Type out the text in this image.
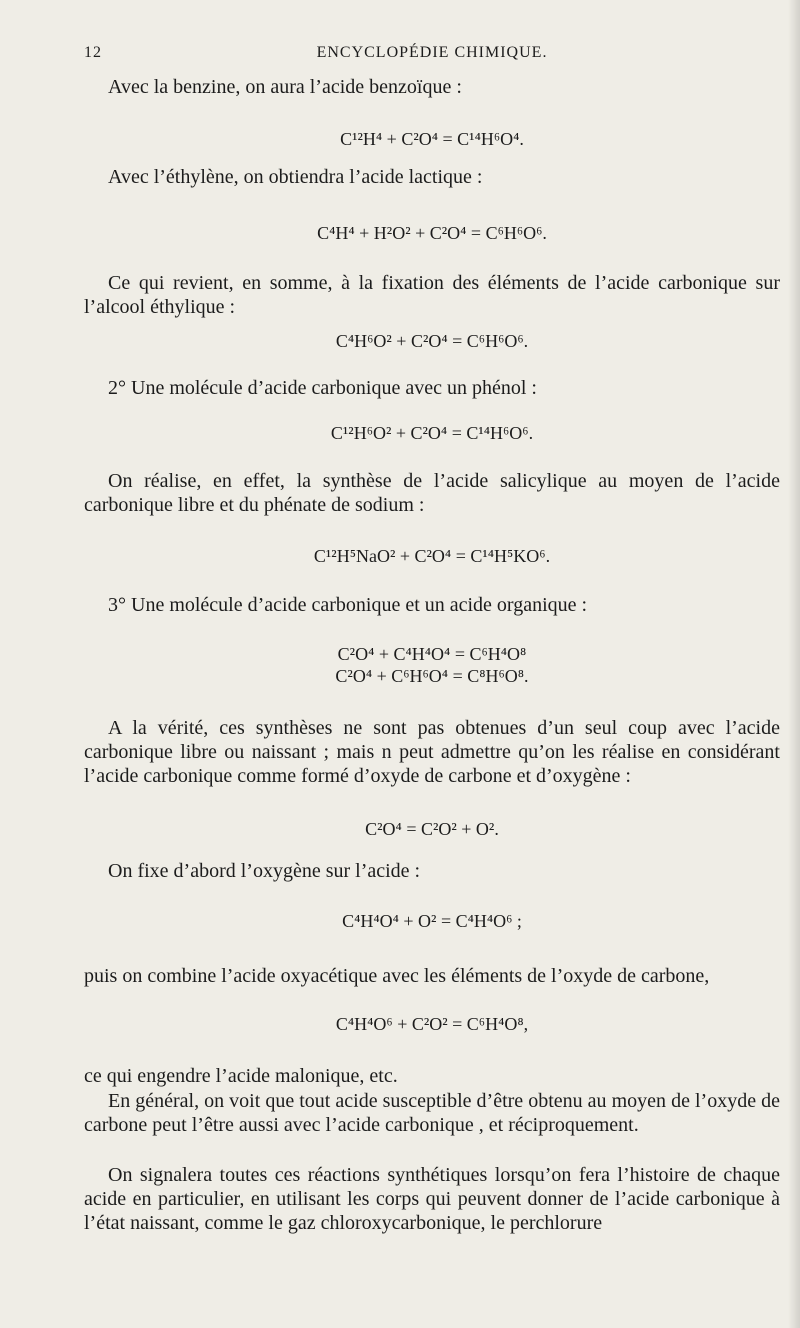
12	ENCYCLOPÉDIE CHIMIQUE.
Avec la benzine, on aura l’acide benzoïque :
C¹²H⁴ + C²O⁴ = C¹⁴H⁶O⁴.
Avec l’éthylène, on obtiendra l’acide lactique :
C⁴H⁴ + H²O² + C²O⁴ = C⁶H⁶O⁶.
Ce qui revient, en somme, à la fixation des éléments de l’acide carbonique sur l’alcool éthylique :
C⁴H⁶O² + C²O⁴ = C⁶H⁶O⁶.
2° Une molécule d’acide carbonique avec un phénol :
C¹²H⁶O² + C²O⁴ = C¹⁴H⁶O⁶.
On réalise, en effet, la synthèse de l’acide salicylique au moyen de l’acide carbonique libre et du phénate de sodium :
C¹²H⁵NaO² + C²O⁴ = C¹⁴H⁵KO⁶.
3° Une molécule d’acide carbonique et un acide organique :
C²O⁴ + C⁴H⁴O⁴ = C⁶H⁴O⁸
C²O⁴ + C⁶H⁶O⁴ = C⁸H⁶O⁸.
A la vérité, ces synthèses ne sont pas obtenues d’un seul coup avec l’acide carbonique libre ou naissant ; mais n peut admettre qu’on les réalise en considérant l’acide carbonique comme formé d’oxyde de carbone et d’oxygène :
C²O⁴ = C²O² + O².
On fixe d’abord l’oxygène sur l’acide :
C⁴H⁴O⁴ + O² = C⁴H⁴O⁶ ;
puis on combine l’acide oxyacétique avec les éléments de l’oxyde de carbone,
C⁴H⁴O⁶ + C²O² = C⁶H⁴O⁸,
ce qui engendre l’acide malonique, etc.
En général, on voit que tout acide susceptible d’être obtenu au moyen de l’oxyde de carbone peut l’être aussi avec l’acide carbonique , et réciproquement.
On signalera toutes ces réactions synthétiques lorsqu’on fera l’histoire de chaque acide en particulier, en utilisant les corps qui peuvent donner de l’acide carbonique à l’état naissant, comme le gaz chloroxycarbonique, le perchlorure
